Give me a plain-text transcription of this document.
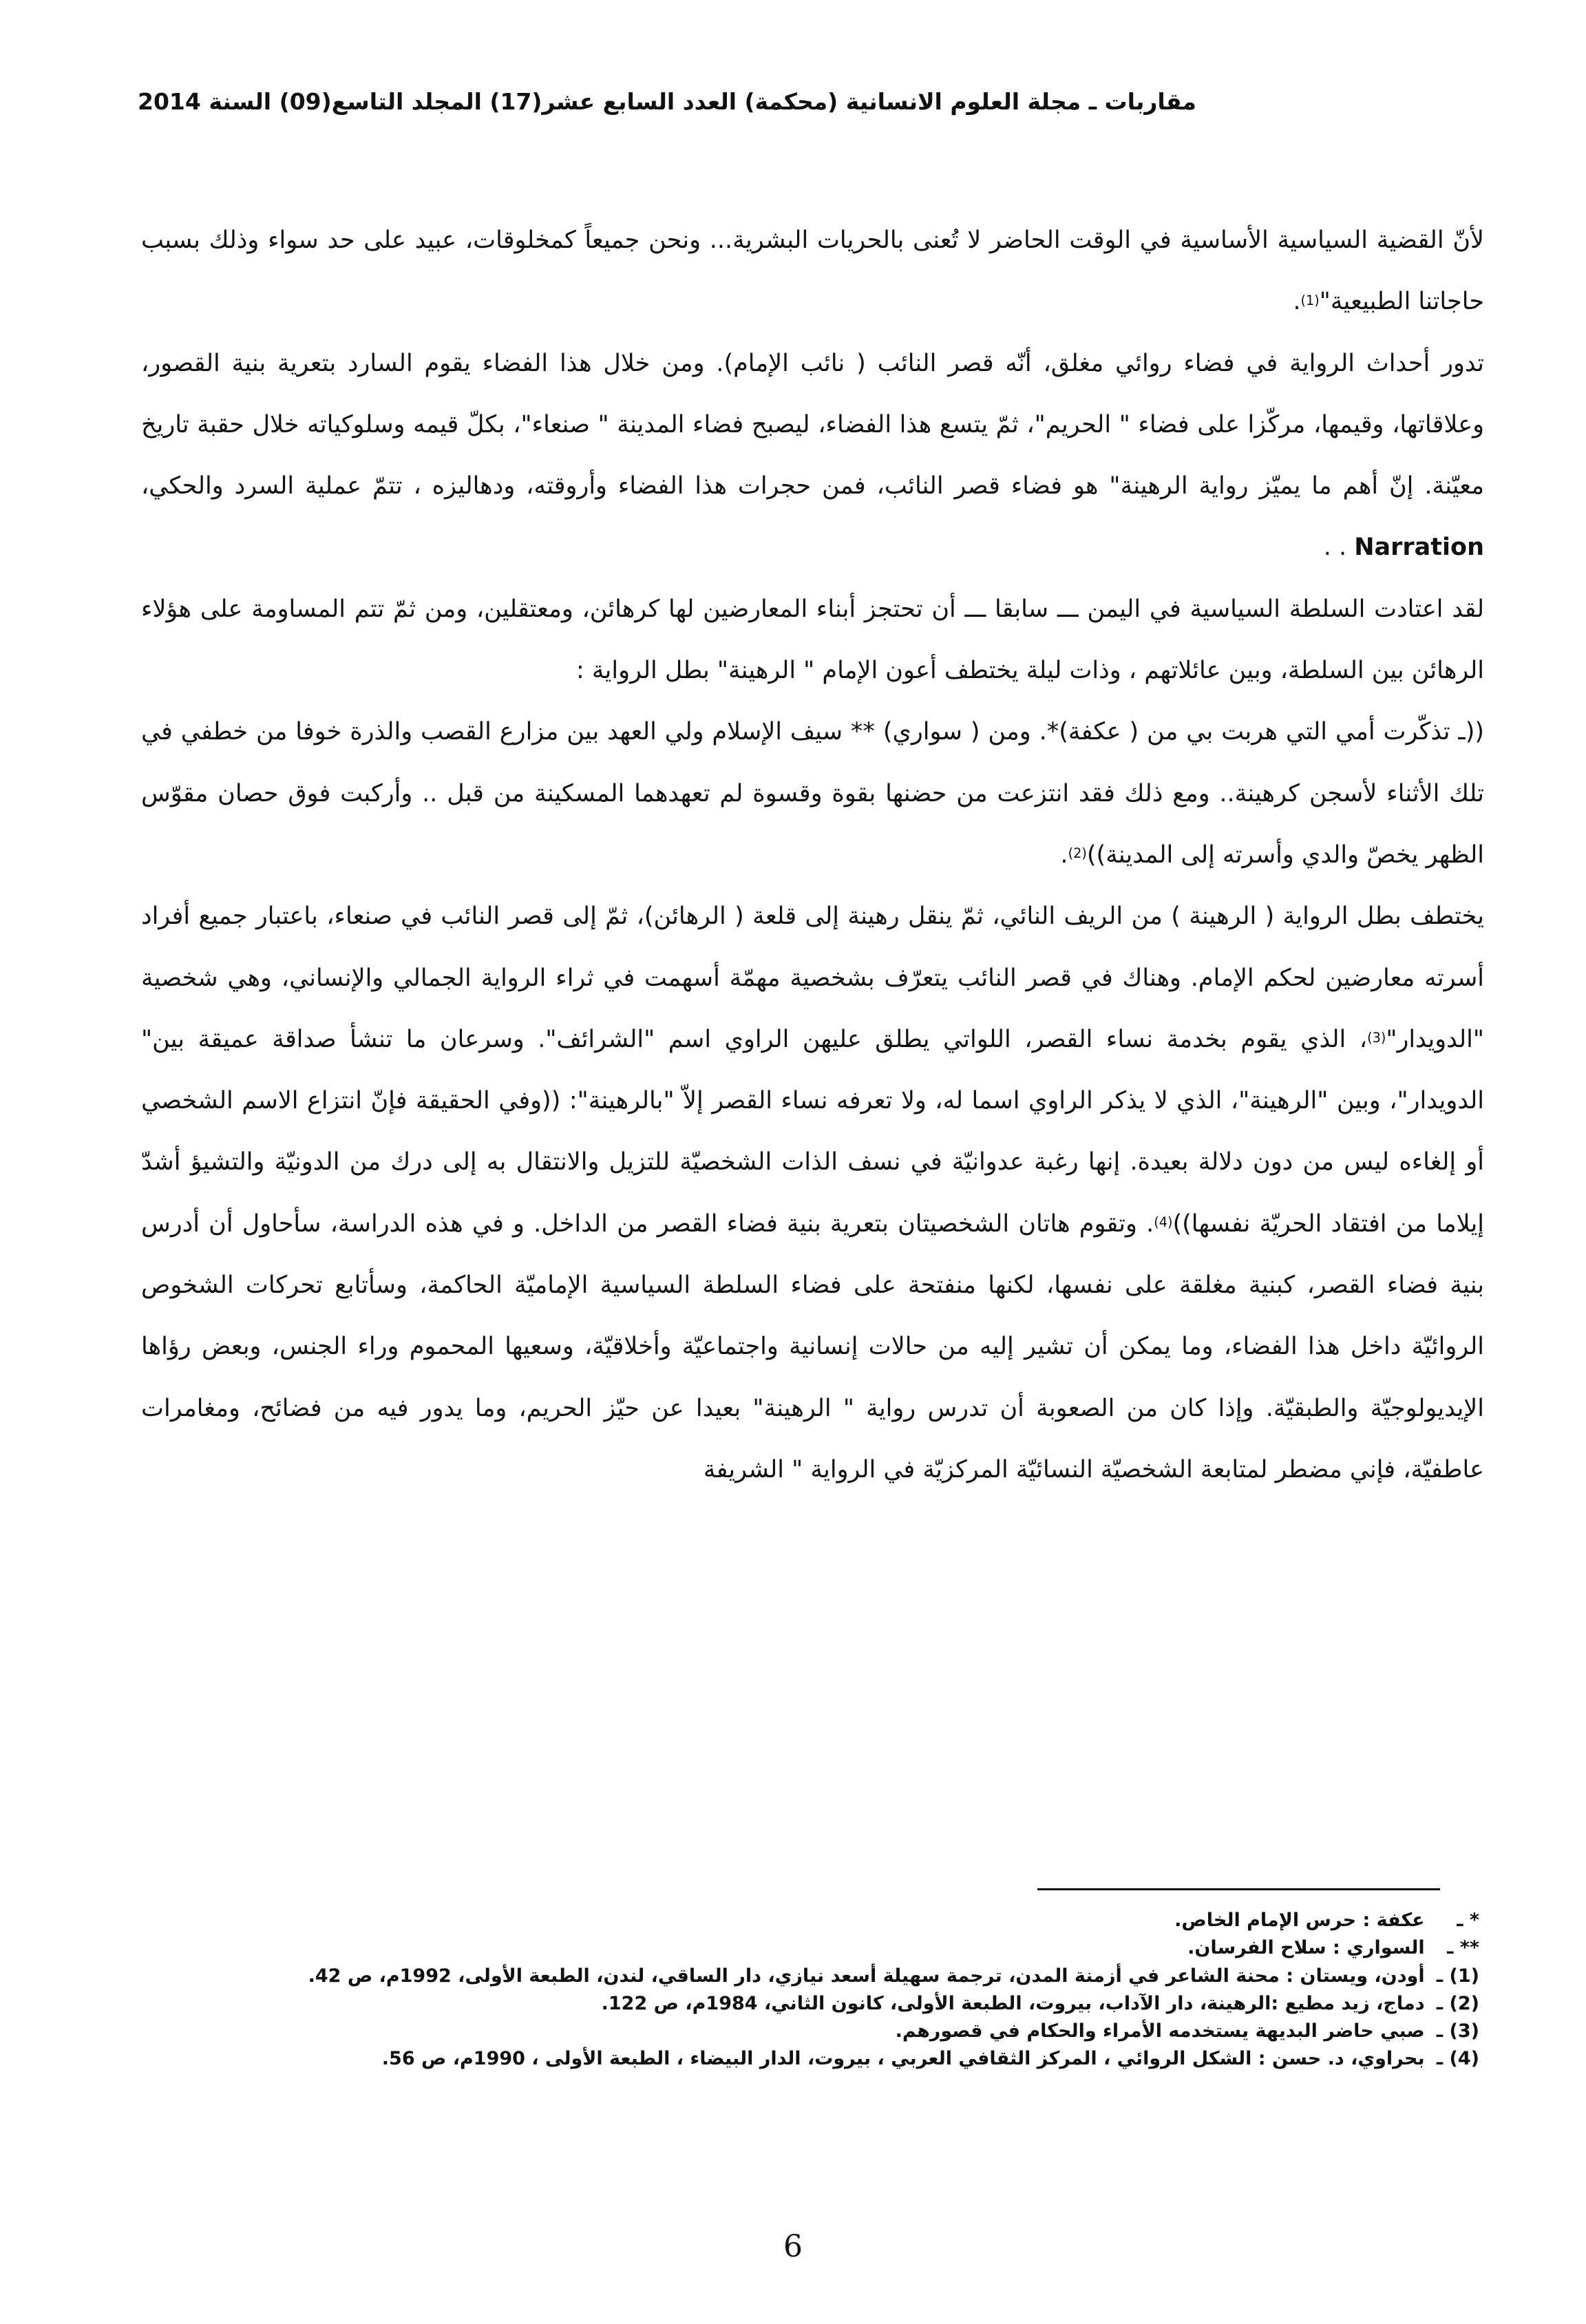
مقاربات ـ مجلة العلوم الانسانية (محكمة) العدد السابع عشر(17) المجلد التاسع(09) السنة 2014

لأنّ القضية السياسية الأساسية في الوقت الحاضر لا تُعنى بالحريات البشرية... ونحن جميعاً كمخلوقات، عبيد على حد سواء وذلك بسبب حاجاتنا الطبيعية"$^{(1)}$.

تدور أحداث الرواية في فضاء روائي مغلق، أنّه قصر النائب ( نائب الإمام). ومن خلال هذا الفضاء يقوم السارد بتعرية بنية القصور، وعلاقاتها، وقيمها، مركّزا على فضاء " الحريم"، ثمّ يتسع هذا الفضاء، ليصبح فضاء المدينة " صنعاء"، بكلّ قيمه وسلوكياته خلال حقبة تاريخ معيّنة. إنّ أهم ما يميّز رواية الرهينة" هو فضاء قصر النائب، فمن حجرات هذا الفضاء وأروقته، ودهاليزه ، تتمّ عملية السرد والحكي، Narration . .

لقد اعتادت السلطة السياسية في اليمن ـــ سابقا ـــ أن تحتجز أبناء المعارضين لها كرهائن، ومعتقلين، ومن ثمّ تتم المساومة على هؤلاء الرهائن بين السلطة، وبين عائلاتهم ، وذات ليلة يختطف أعون الإمام " الرهينة" بطل الرواية :

((ـ تذكّرت أمي التي هربت بي من ( عكفة)*. ومن ( سواري) ** سيف الإسلام ولي العهد بين مزارع القصب والذرة خوفا من خطفي في تلك الأثناء لأسجن كرهينة.. ومع ذلك فقد انتزعت من حضنها بقوة وقسوة لم تعهدهما المسكينة من قبل .. وأركبت فوق حصان مقوّس الظهر يخصّ والدي وأسرته إلى المدينة))$^{(2)}$.

يختطف بطل الرواية ( الرهينة ) من الريف النائي، ثمّ ينقل رهينة إلى قلعة ( الرهائن)، ثمّ إلى قصر النائب في صنعاء، باعتبار جميع أفراد أسرته معارضين لحكم الإمام. وهناك في قصر النائب يتعرّف بشخصية مهمّة أسهمت في ثراء الرواية الجمالي والإنساني، وهي شخصية "الدويدار"$^{(3)}$، الذي يقوم بخدمة نساء القصر، اللواتي يطلق عليهن الراوي اسم "الشرائف". وسرعان ما تنشأ صداقة عميقة بين" الدويدار"، وبين "الرهينة"، الذي لا يذكر الراوي اسما له، ولا تعرفه نساء القصر إلاّ "بالرهينة": ((وفي الحقيقة فإنّ انتزاع الاسم الشخصي أو إلغاءه ليس من دون دلالة بعيدة. إنها رغبة عدوانيّة في نسف الذات الشخصيّة للتزيل والانتقال به إلى درك من الدونيّة والتشيؤ أشدّ إيلاما من افتقاد الحريّة نفسها))$^{(4)}$. وتقوم هاتان الشخصيتان بتعرية بنية فضاء القصر من الداخل. و في هذه الدراسة، سأحاول أن أدرس بنية فضاء القصر، كبنية مغلقة على نفسها، لكنها منفتحة على فضاء السلطة السياسية الإماميّة الحاكمة، وسأتابع تحركات الشخوص الروائيّة داخل هذا الفضاء، وما يمكن أن تشير إليه من حالات إنسانية واجتماعيّة وأخلاقيّة، وسعيها المحموم وراء الجنس، وبعض رؤاها الإيديولوجيّة والطبقيّة. وإذا كان من الصعوبة أن تدرس رواية " الرهينة" بعيدا عن حيّز الحريم، وما يدور فيه من فضائح، ومغامرات عاطفيّة، فإني مضطر لمتابعة الشخصيّة النسائيّة المركزيّة في الرواية " الشريفة

* ـ عكفة : حرس الإمام الخاص.

** ـ السواري : سلاح الفرسان.

(1) ـ أودن، ويستان : محنة الشاعر في أزمنة المدن، ترجمة سهيلة أسعد نيازي، دار الساقي، لندن، الطبعة الأولى، 1992م، ص 42.

(2) ـ دماج، زيد مطيع :الرهينة، دار الآداب، بيروت، الطبعة الأولى، كانون الثاني، 1984م، ص 122.

(3) ـ صبي حاضر البديهة يستخدمه الأمراء والحكام في قصورهم.

(4) ـ بحراوي، د. حسن : الشكل الروائي ، المركز الثقافي العربي ، بيروت، الدار البيضاء ، الطبعة الأولى ، 1990م، ص 56.

6
